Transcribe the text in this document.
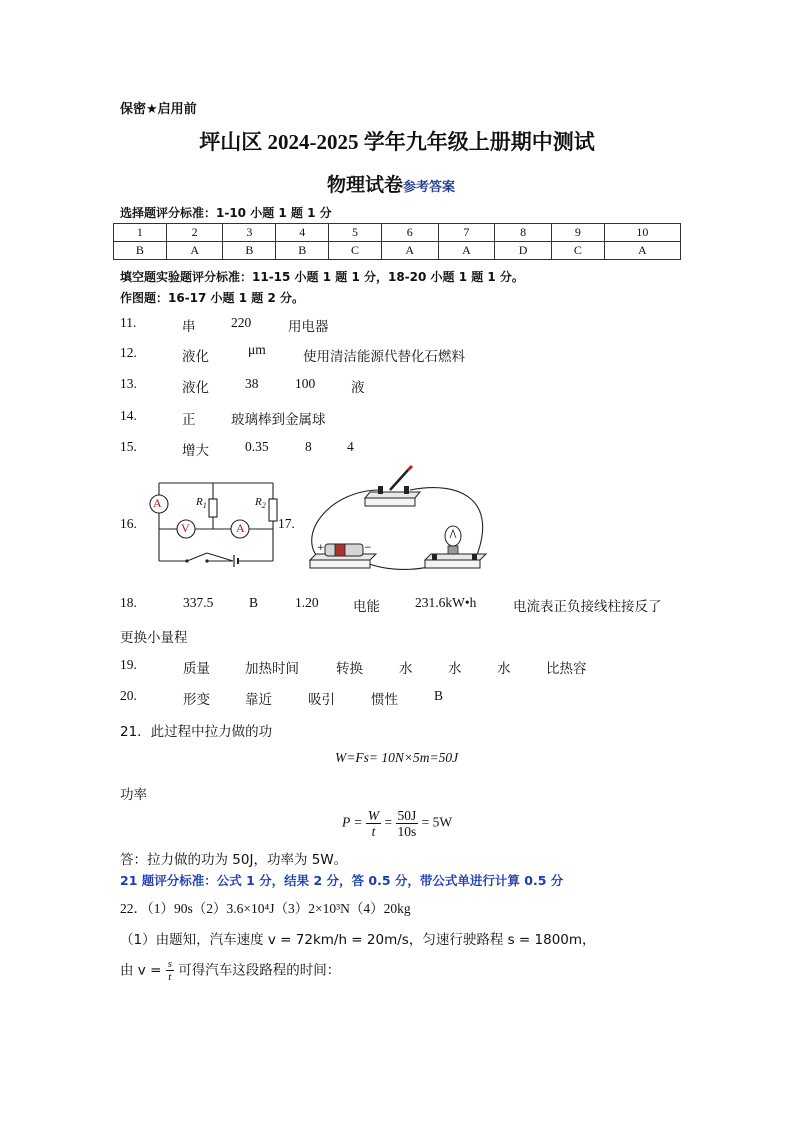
保密★启用前
坪山区 2024-2025 学年九年级上册期中测试
物理试卷参考答案
选择题评分标准：1-10 小题 1 题 1 分
1	2	3	4	5	6	7	8	9	10
B	A	B	B	C	A	A	D	C	A
填空题实验题评分标准：11-15 小题 1 题 1 分，18-20 小题 1 题 1 分。
作图题：16-17 小题 1 题 2 分。
11.	串	220	用电器
12.	液化	μm	使用清洁能源代替化石燃料
13.	液化	38	100	液
14.	正	玻璃棒到金属球
15.	增大	0.35	8	4
16.
A
V	A
$R_1$	$R_2$
17.
+	−
18.	337.5	B	1.20	电能	231.6kW•h	电流表正负接线柱接反了
更换小量程
19.	质量	加热时间	转换	水	水	水	比热容
20.	形变	靠近	吸引	惯性	B
21．此过程中拉力做的功
W=Fs= 10N×5m=50J
功率
$P = \frac{W}{t} = \frac{50J}{10s} = 5W$
答：拉力做的功为 50J，功率为 5W。
21 题评分标准：公式 1 分，结果 2 分，答 0.5 分，带公式单进行计算 0.5 分
22．（1）90s（2）3.6×10⁴J（3）2×10³N（4）20kg
（1）由题知，汽车速度 v = 72km/h = 20m/s，匀速行驶路程 s = 1800m，
由 $v = \frac{s}{t}$ 可得汽车这段路程的时间：
